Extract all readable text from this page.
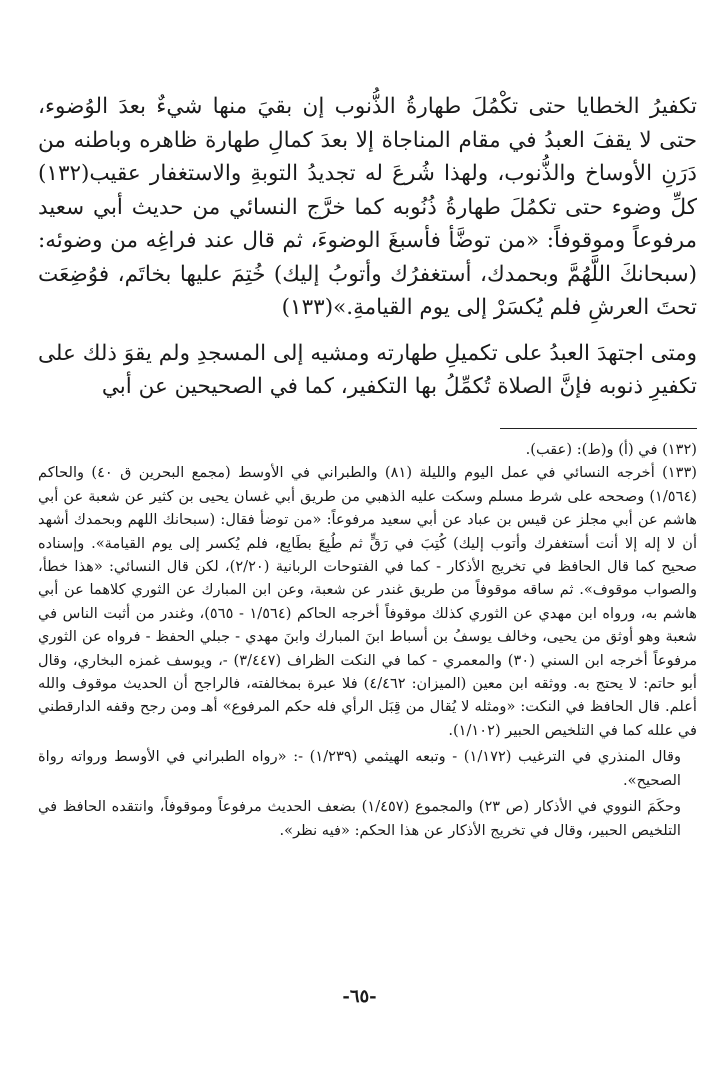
تكفيرُ الخطايا حتى تكْمُلَ طهارةُ الذُّنوب إن بقيَ منها شيءٌ بعدَ الوُضوء، حتى لا يقفَ العبدُ في مقام المناجاة إلا بعدَ كمالِ طهارة ظاهره وباطنه من دَرَنِ الأوساخ والذُّنوب، ولهذا شُرعَ له تجديدُ التوبةِ والاستغفار عقيب(١٣٢) كلِّ وضوء حتى تكمُلَ طهارةُ ذُنُوبه كما خرَّج النسائي من حديث أبي سعيد مرفوعاً وموقوفاً: «من توضَّأ فأسبغَ الوضوءَ، ثم قال عند فراغِه من وضوئه: (سبحانكَ اللَّهُمَّ وبحمدك، أستغفرُك وأتوبُ إليك) خُتِمَ عليها بخاتَم، فوُضِعَت تحتَ العرشِ فلم يُكسَرْ إلى يوم القيامةِ.»(١٣٣)

ومتى اجتهدَ العبدُ على تكميلِ طهارته ومشيه إلى المسجدِ ولم يقوَ ذلك على تكفيرِ ذنوبه فإنَّ الصلاة تُكمِّلُ بها التكفير، كما في الصحيحين عن أبي

(١٣٢) في (أ) و(ط): (عقب).

(١٣٣) أخرجه النسائي في عمل اليوم والليلة (٨١) والطبراني في الأوسط (مجمع البحرين ق ٤٠) والحاكم (١/٥٦٤) وصححه على شرط مسلم وسكت عليه الذهبي من طريق أبي غسان يحيى بن كثير عن شعبة عن أبي هاشم عن أبي مجلز عن قيس بن عباد عن أبي سعيد مرفوعاً: «من توضأ فقال: (سبحانك اللهم وبحمدك أشهد أن لا إله إلا أنت أستغفرك وأتوب إليك) كُتِبَ في رَقٍّ ثم طُبِعَ بطَابِع، فلم يُكسر إلى يوم القيامة». وإسناده صحيح كما قال الحافظ في تخريج الأذكار - كما في الفتوحات الربانية (٢/٢٠)، لكن قال النسائي: «هذا خطأ، والصواب موقوف». ثم ساقه موقوفاً من طريق غندر عن شعبة، وعن ابن المبارك عن الثوري كلاهما عن أبي هاشم به، ورواه ابن مهدي عن الثوري كذلك موقوفاً أخرجه الحاكم (١/٥٦٤ - ٥٦٥)، وغندر من أثبت الناس في شعبة وهو أوثق من يحيى، وخالف يوسفُ بن أسباط ابنَ المبارك وابنَ مهدي - جبلي الحفظ - فرواه عن الثوري مرفوعاً أخرجه ابن السني (٣٠) والمعمري - كما في النكت الظراف (٣/٤٤٧) -، ويوسف غمزه البخاري، وقال أبو حاتم: لا يحتج به. ووثقه ابن معين (الميزان: ٤/٤٦٢) فلا عبرة بمخالفته، فالراجح أن الحديث موقوف والله أعلم. قال الحافظ في النكت: «ومثله لا يُقال من قِبَل الرأي فله حكم المرفوع» أهـ ومن رجح وقفه الدارقطني في علله كما في التلخيص الحبير (١/١٠٢).

وقال المنذري في الترغيب (١/١٧٢) - وتبعه الهيثمي (١/٢٣٩) -: «رواه الطبراني في الأوسط ورواته رواة الصحيح».

وحكَمَ النووي في الأذكار (ص ٢٣) والمجموع (١/٤٥٧) بضعف الحديث مرفوعاً وموقوفاً، وانتقده الحافظ في التلخيص الحبير، وقال في تخريج الأذكار عن هذا الحكم: «فيه نظر».

-٦٥-
